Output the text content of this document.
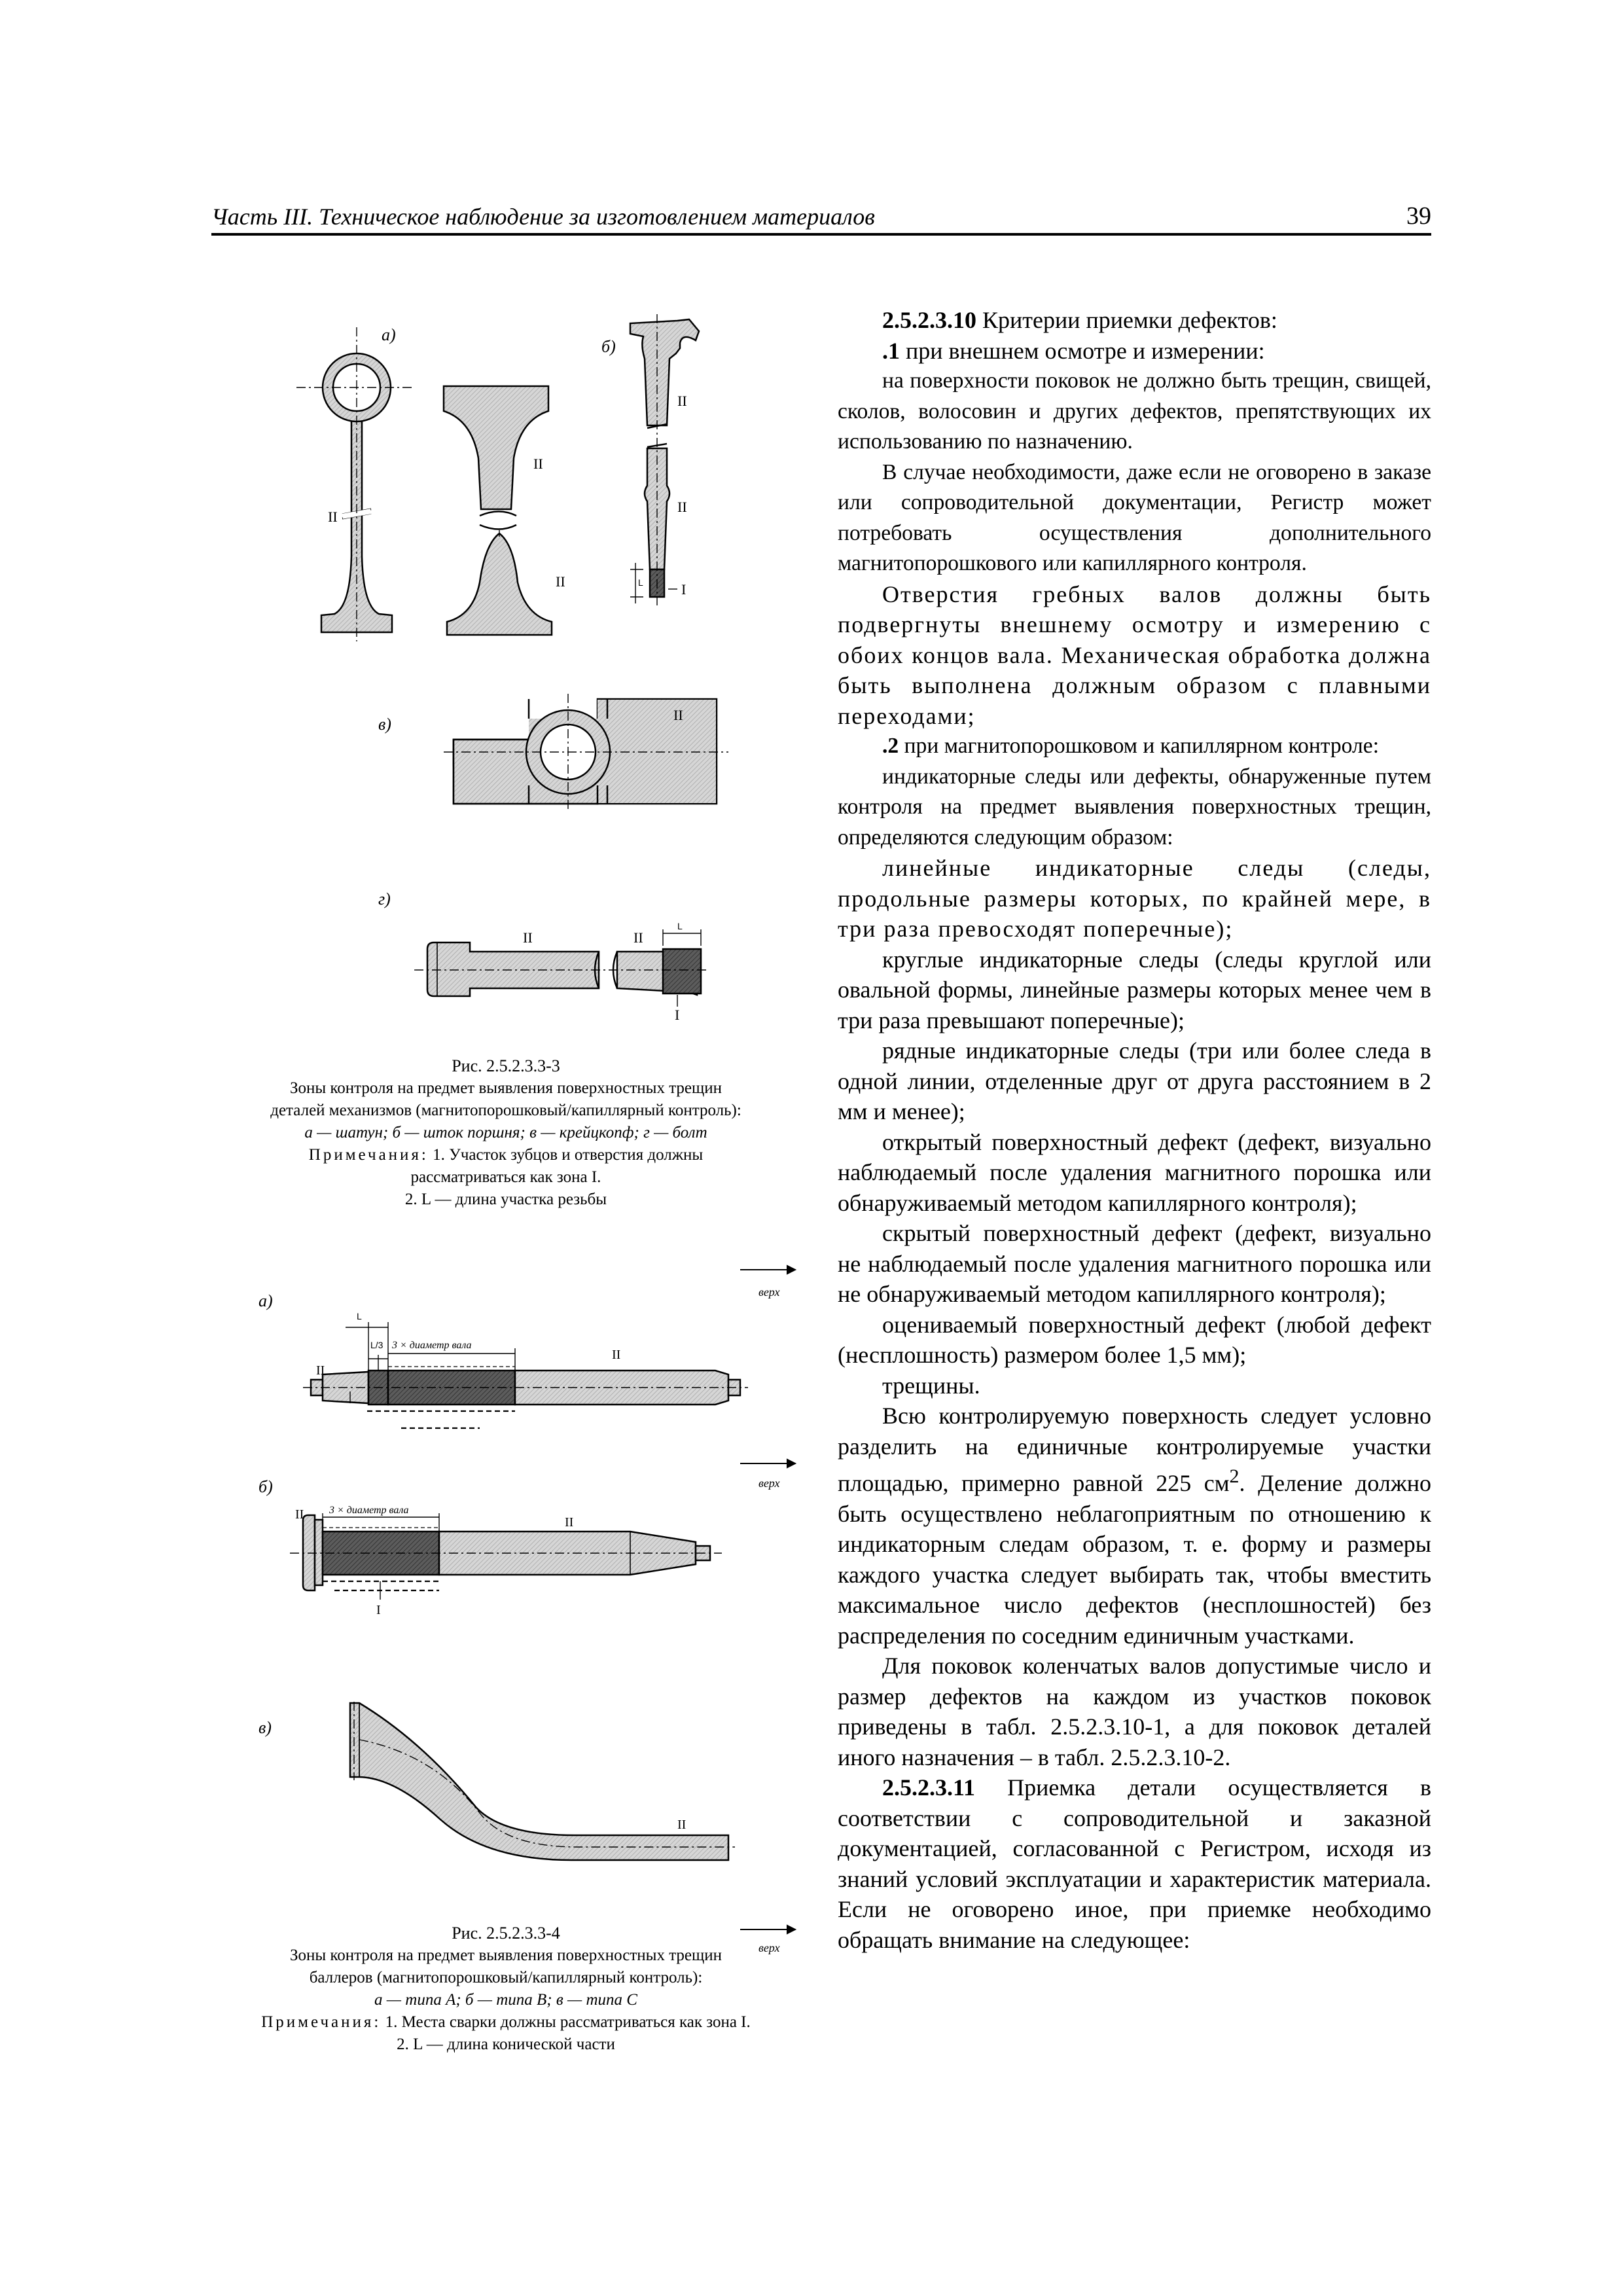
Часть III. Техническое наблюдение за изготовлением материалов	39
а)
б)
в)
г)
II
II
II
II
II
I
L
II
II	II
L
I
Рис. 2.5.2.3.3-3
Зоны контроля на предмет выявления поверхностных трещин
деталей механизмов (магнитопорошковый/капиллярный контроль):
а — шатун; б — шток поршня; в — крейцкопф; г — болт
Примечания: 1. Участок зубцов и отверстия должны
рассматриваться как зона I.
2. L — длина участка резьбы
а)
б)
в)
верх
верх
верх
L
L/3 3 × диаметр вала
II
II
3 × диаметр вала
II
II
I
II
Рис. 2.5.2.3.3-4
Зоны контроля на предмет выявления поверхностных трещин
баллеров (магнитопорошковый/капиллярный контроль):
а — типа A; б — типа B; в — типа C
Примечания: 1. Места сварки должны рассматриваться как зона I.
2. L — длина конической части

2.5.2.3.10 Критерии приемки дефектов:

.1 при внешнем осмотре и измерении:

на поверхности поковок не должно быть трещин, свищей, сколов, волосовин и других дефектов, препятствующих их использованию по назначению.

В случае необходимости, даже если не оговорено в заказе или сопроводительной документации, Регистр может потребовать осуществления дополнительного магнитопорошкового или капиллярного контроля.

Отверстия гребных валов должны быть подвергнуты внешнему осмотру и измерению с обоих концов вала. Механическая обработка должна быть выполнена должным образом с плавными переходами;

.2 при магнитопорошковом и капиллярном контроле:

индикаторные следы или дефекты, обнаруженные путем контроля на предмет выявления поверхностных трещин, определяются следующим образом:

линейные индикаторные следы (следы, продольные размеры которых, по крайней мере, в три раза превосходят поперечные);

круглые индикаторные следы (следы круглой или овальной формы, линейные размеры которых менее чем в три раза превышают поперечные);

рядные индикаторные следы (три или более следа в одной линии, отделенные друг от друга расстоянием в 2 мм и менее);

открытый поверхностный дефект (дефект, визуально наблюдаемый после удаления магнитного порошка или обнаруживаемый методом капиллярного контроля);

скрытый поверхностный дефект (дефект, визуально не наблюдаемый после удаления магнитного порошка или не обнаруживаемый методом капиллярного контроля);

оцениваемый поверхностный дефект (любой дефект (несплошность) размером более 1,5 мм);

трещины.

Всю контролируемую поверхность следует условно разделить на единичные контролируемые участки площадью, примерно равной 225 $см^2$. Деление должно быть осуществлено неблагоприятным по отношению к индикаторным следам образом, т. е. форму и размеры каждого участка следует выбирать так, чтобы вместить максимальное число дефектов (несплошностей) без распределения по соседним единичным участками.

Для поковок коленчатых валов допустимые число и размер дефектов на каждом из участков поковок приведены в табл. 2.5.2.3.10-1, а для поковок деталей иного назначения – в табл. 2.5.2.3.10-2.

2.5.2.3.11 Приемка детали осуществляется в соответствии с сопроводительной и заказной документацией, согласованной с Регистром, исходя из знаний условий эксплуатации и характеристик материала. Если не оговорено иное, при приемке необходимо обращать внимание на следующее:
